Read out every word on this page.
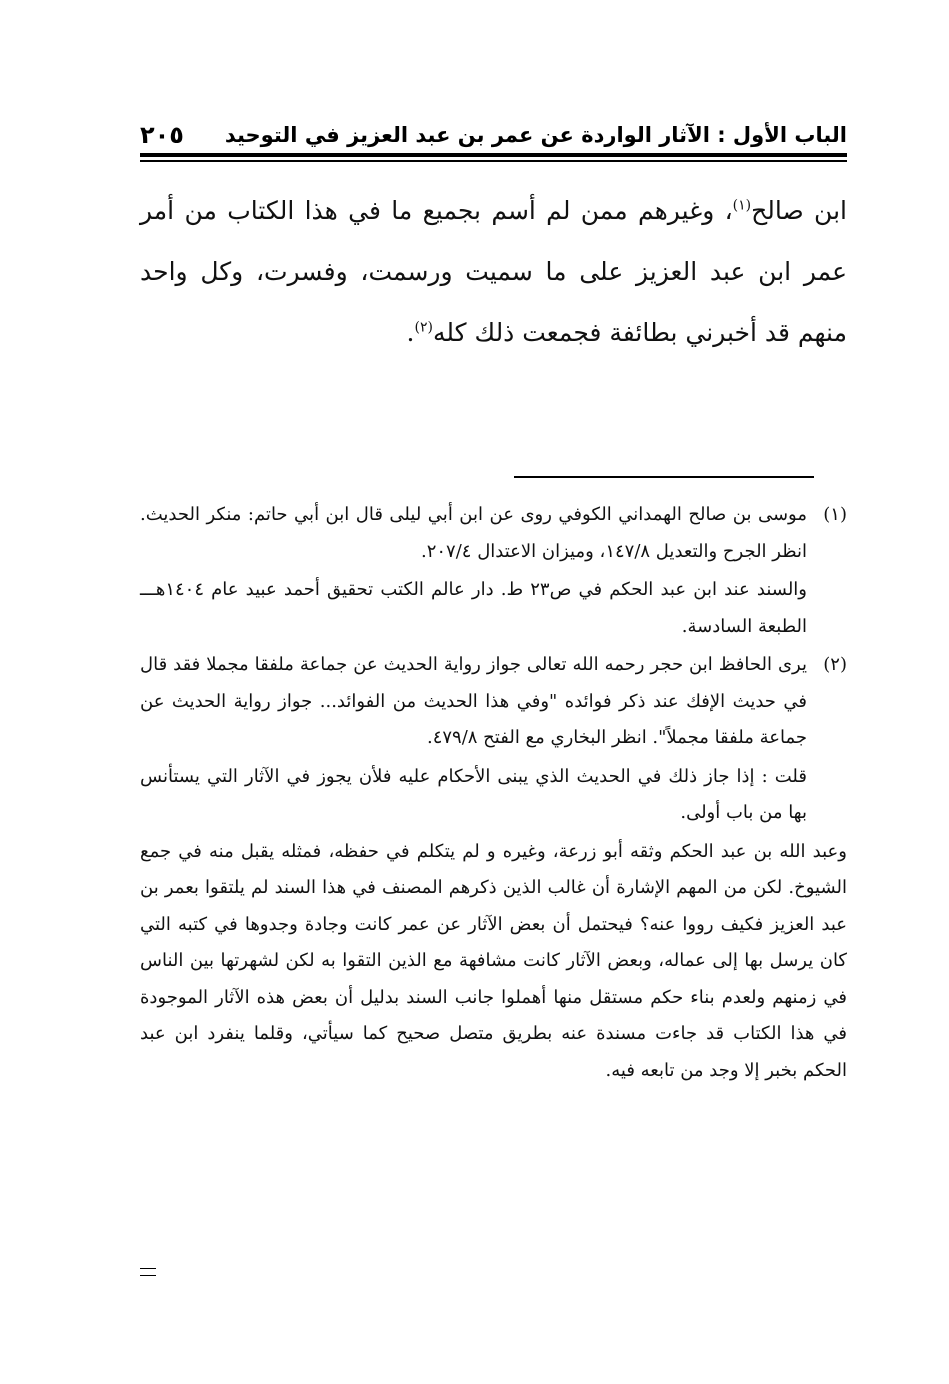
الباب الأول : الآثار الواردة عن عمر بن عبد العزيز في التوحيد
٢٠٥

ابن صالح$^{(١)}$، وغيرهم ممن لم أسم بجميع ما في هذا الكتاب من أمر عمر ابن عبد العزيز على ما سميت ورسمت، وفسرت، وكل واحد منهم قد أخبرني بطائفة فجمعت ذلك كله$^{(٢)}$.

(١)

موسى بن صالح الهمداني الكوفي روى عن ابن أبي ليلى قال ابن أبي حاتم: منكر الحديث. انظر الجرح والتعديل ١٤٧/٨، وميزان الاعتدال ٢٠٧/٤.

والسند عند ابن عبد الحكم في ص٢٣ ط. دار عالم الكتب تحقيق أحمد عبيد عام ١٤٠٤هـــ الطبعة السادسة.

(٢)

يرى الحافظ ابن حجر رحمه الله تعالى جواز رواية الحديث عن جماعة ملفقا مجملا فقد قال في حديث الإفك عند ذكر فوائده "وفي هذا الحديث من الفوائد... جواز رواية الحديث عن جماعة ملفقا مجملاً". انظر البخاري مع الفتح ٤٧٩/٨.

قلت : إذا جاز ذلك في الحديث الذي يبنى الأحكام عليه فلأن يجوز في الآثار التي يستأنس بها من باب أولى.

وعبد الله بن عبد الحكم وثقه أبو زرعة، وغيره و لم يتكلم في حفظه، فمثله يقبل منه في جمع الشيوخ. لكن من المهم الإشارة أن غالب الذين ذكرهم المصنف في هذا السند لم يلتقوا بعمر بن عبد العزيز فكيف رووا عنه؟ فيحتمل أن بعض الآثار عن عمر كانت وجادة وجدوها في كتبه التي كان يرسل بها إلى عماله، وبعض الآثار كانت مشافهة مع الذين التقوا به لكن لشهرتها بين الناس في زمنهم ولعدم بناء حكم مستقل منها أهملوا جانب السند بدليل أن بعض هذه الآثار الموجودة في هذا الكتاب قد جاءت مسندة عنه بطريق متصل صحيح كما سيأتي، وقلما ينفرد ابن عبد الحكم بخبر إلا وجد من تابعه فيه.
